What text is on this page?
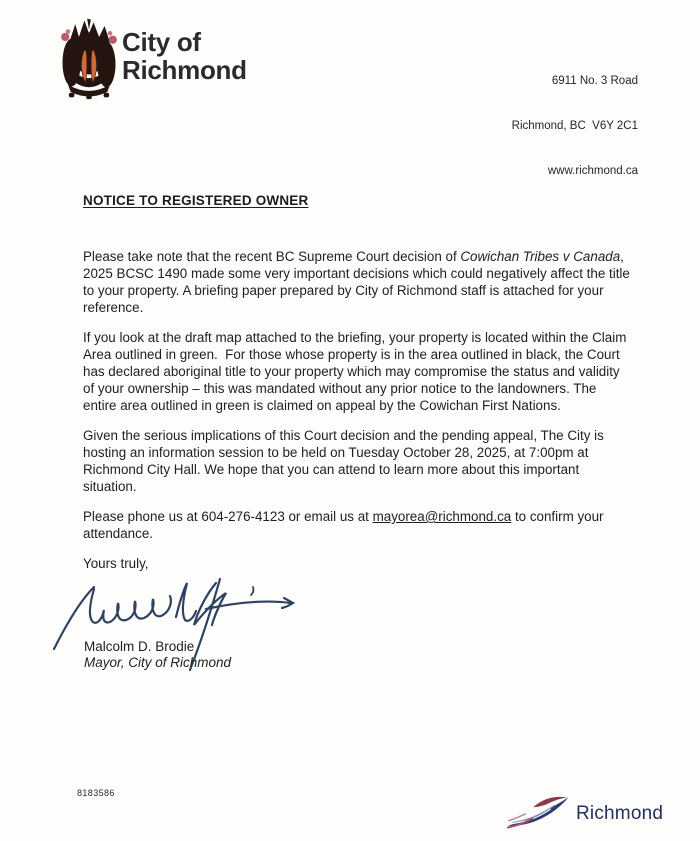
City of
Richmond

	6911 No. 3 Road

Richmond, BC  V6Y 2C1

www.richmond.ca

NOTICE TO REGISTERED OWNER

Please take note that the recent BC Supreme Court decision of Cowichan Tribes v Canada, 2025 BCSC 1490 made some very important decisions which could negatively affect the title to your property. A briefing paper prepared by City of Richmond staff is attached for your reference.

If you look at the draft map attached to the briefing, your property is located within the Claim Area outlined in green.  For those whose property is in the area outlined in black, the Court has declared aboriginal title to your property which may compromise the status and validity of your ownership – this was mandated without any prior notice to the landowners. The entire area outlined in green is claimed on appeal by the Cowichan First Nations.

Given the serious implications of this Court decision and the pending appeal, The City is hosting an information session to be held on Tuesday October 28, 2025, at 7:00pm at Richmond City Hall. We hope that you can attend to learn more about this important situation.

Please phone us at 604-276-4123 or email us at mayorea@richmond.ca to confirm your attendance.

Yours truly,

Malcolm D. Brodie
Mayor, City of Richmond
8183586
Richmond
